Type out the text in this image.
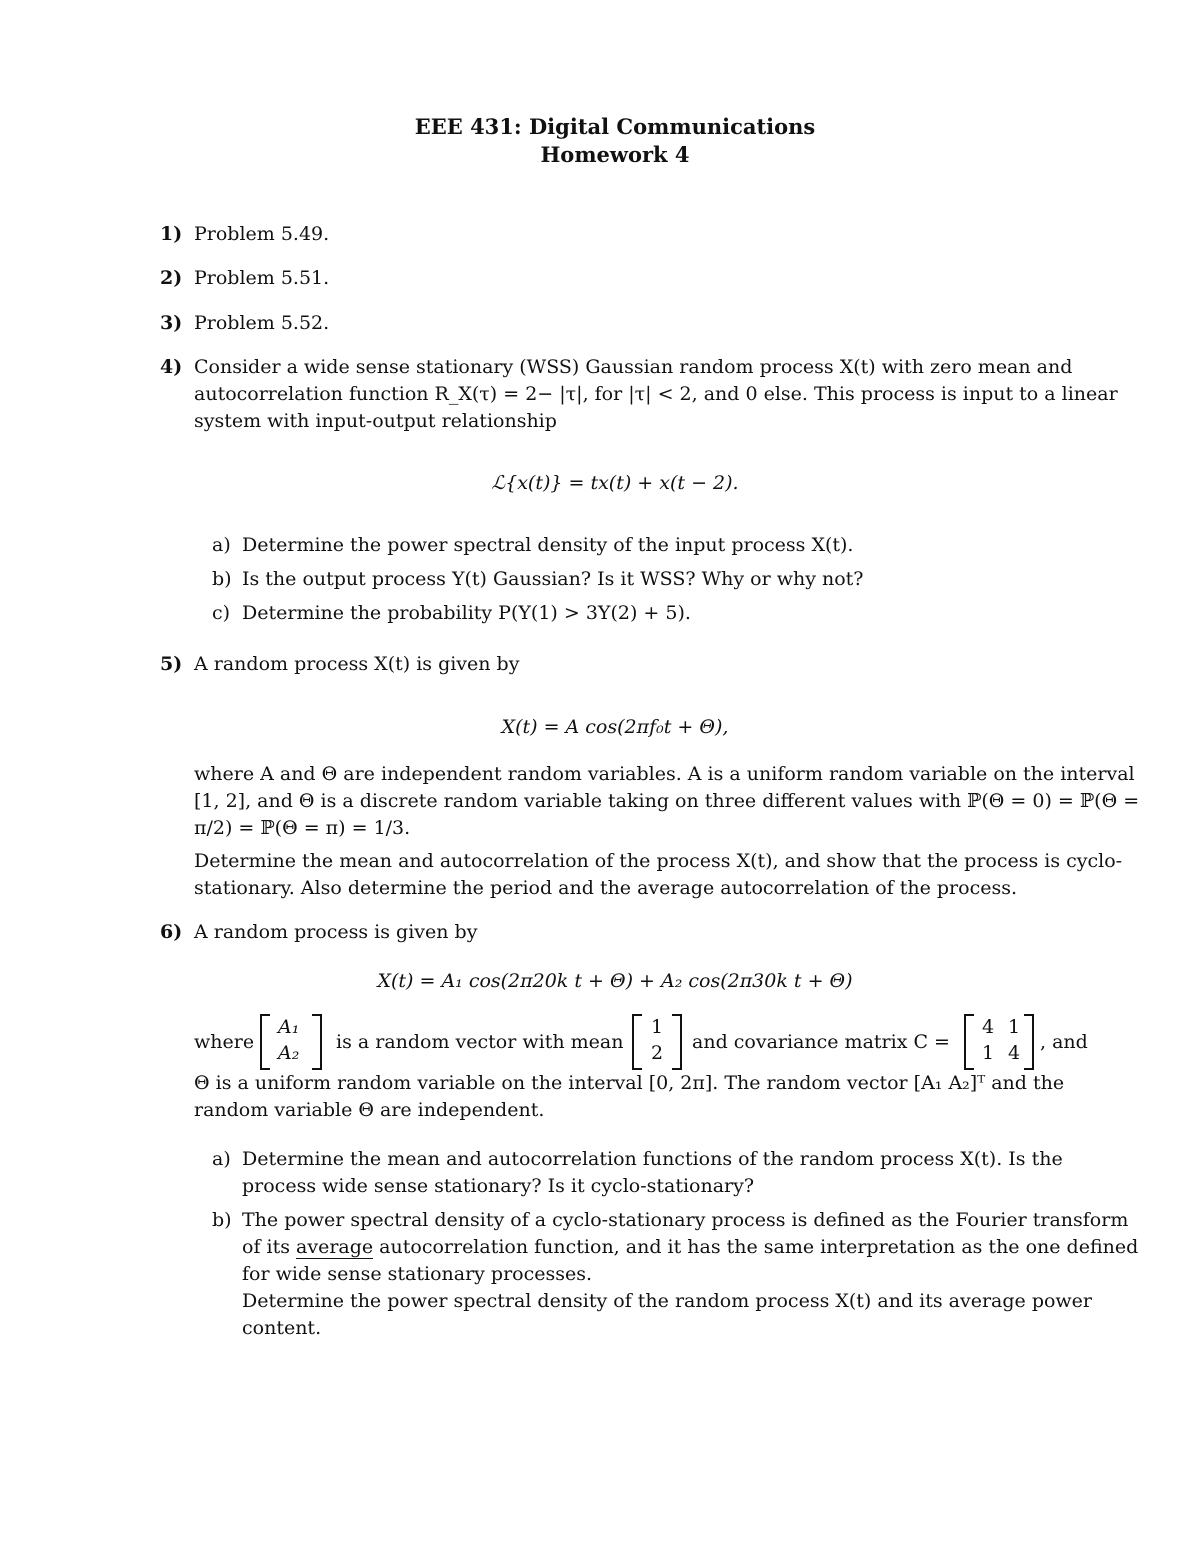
EEE 431: Digital Communications
Homework 4
1) Problem 5.49.
2) Problem 5.51.
3) Problem 5.52.
4) Consider a wide sense stationary (WSS) Gaussian random process X(t) with zero mean and
autocorrelation function R_X(τ) = 2− |τ|, for |τ| < 2, and 0 else. This process is input to a linear
system with input-output relationship
ℒ{x(t)} = tx(t) + x(t − 2).
a) Determine the power spectral density of the input process X(t).
b) Is the output process Y(t) Gaussian? Is it WSS? Why or why not?
c) Determine the probability P(Y(1) > 3Y(2) + 5).
5) A random process X(t) is given by
X(t) = A cos(2πf₀t + Θ),
where A and Θ are independent random variables. A is a uniform random variable on the interval
[1, 2], and Θ is a discrete random variable taking on three different values with ℙ(Θ = 0) = ℙ(Θ =
π/2) = ℙ(Θ = π) = 1/3.
Determine the mean and autocorrelation of the process X(t), and show that the process is cyclo-
stationary. Also determine the period and the average autocorrelation of the process.
6) A random process is given by
X(t) = A₁ cos(2π20k t + Θ) + A₂ cos(2π30k t + Θ)
where
A₁
A₂ is a random vector with mean
1
2 and covariance matrix C =
4 1
1 4 , and
Θ is a uniform random variable on the interval [0, 2π]. The random vector [A₁ A₂]ᵀ and the
random variable Θ are independent.
a) Determine the mean and autocorrelation functions of the random process X(t). Is the
process wide sense stationary? Is it cyclo-stationary?
b) The power spectral density of a cyclo-stationary process is defined as the Fourier transform
of its average autocorrelation function, and it has the same interpretation as the one defined
for wide sense stationary processes.
Determine the power spectral density of the random process X(t) and its average power
content.
